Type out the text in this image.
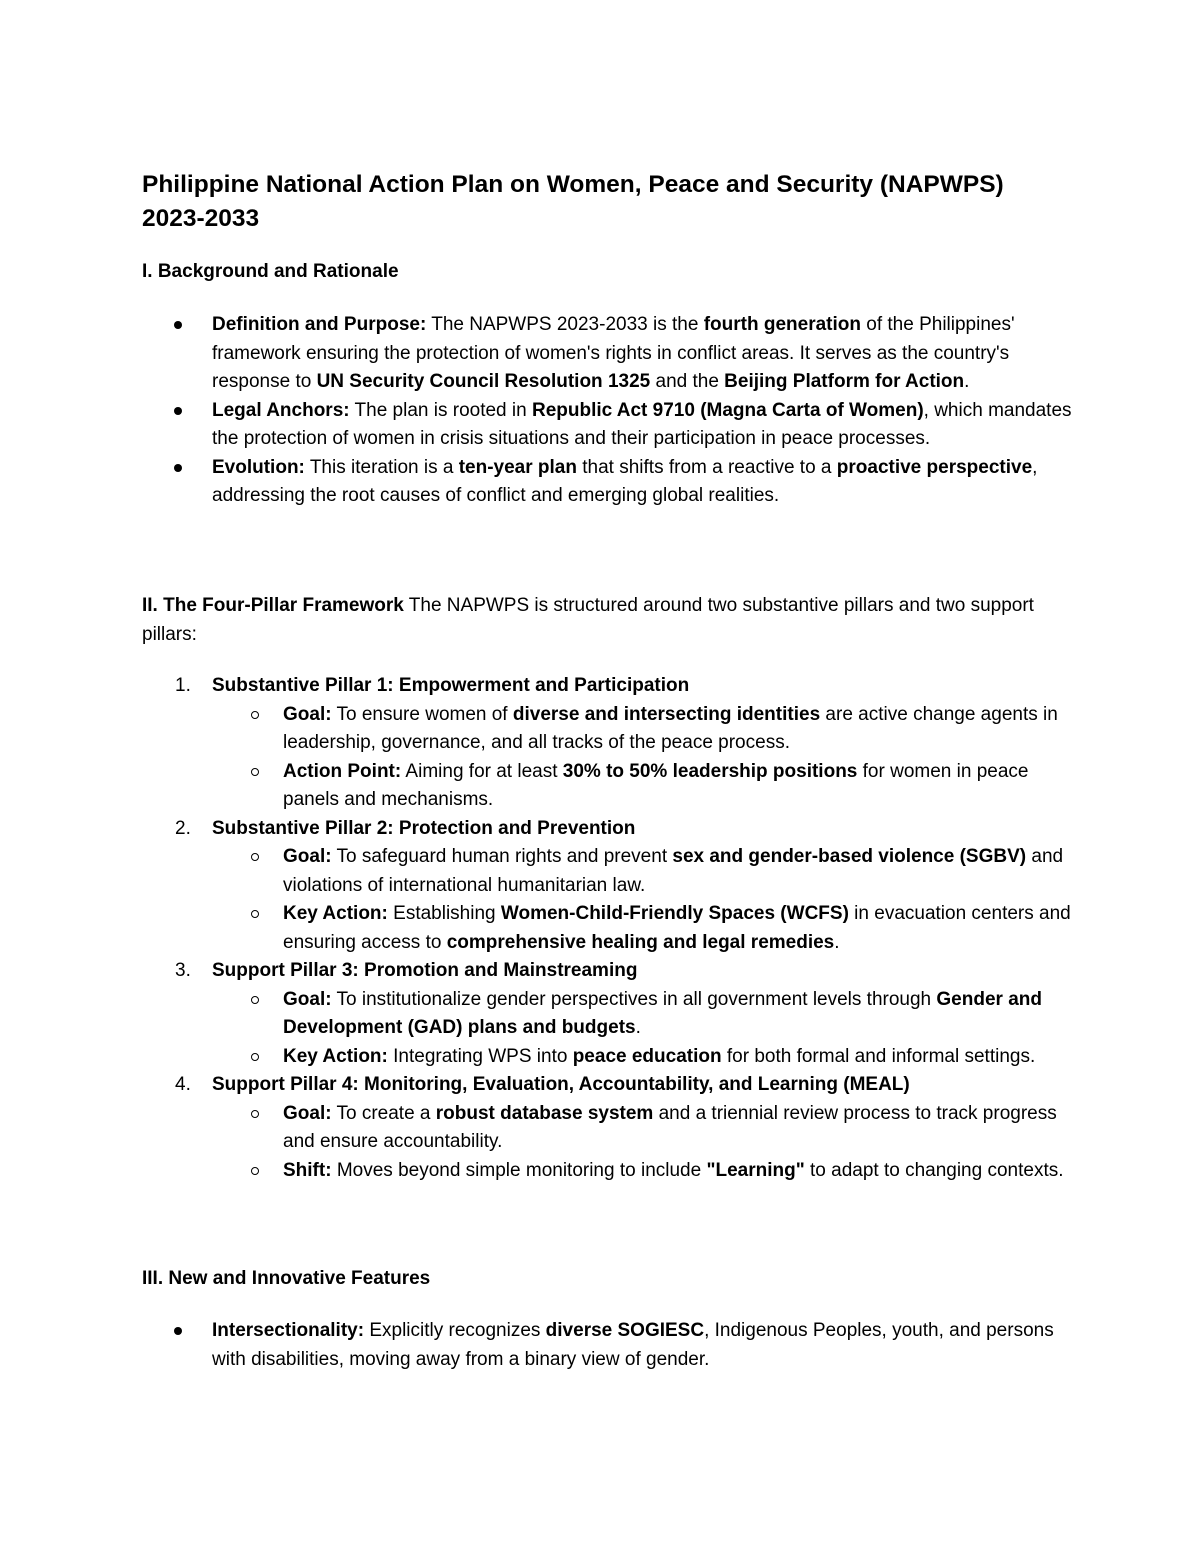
Philippine National Action Plan on Women, Peace and Security (NAPWPS) 2023-2033
I. Background and Rationale
Definition and Purpose: The NAPWPS 2023-2033 is the fourth generation of the Philippines' framework ensuring the protection of women's rights in conflict areas. It serves as the country's response to UN Security Council Resolution 1325 and the Beijing Platform for Action.
Legal Anchors: The plan is rooted in Republic Act 9710 (Magna Carta of Women), which mandates the protection of women in crisis situations and their participation in peace processes.
Evolution: This iteration is a ten-year plan that shifts from a reactive to a proactive perspective, addressing the root causes of conflict and emerging global realities.

II. The Four-Pillar Framework The NAPWPS is structured around two substantive pillars and two support pillars:

1. Substantive Pillar 1: Empowerment and Participation
Goal: To ensure women of diverse and intersecting identities are active change agents in leadership, governance, and all tracks of the peace process.
Action Point: Aiming for at least 30% to 50% leadership positions for women in peace panels and mechanisms.
2. Substantive Pillar 2: Protection and Prevention
Goal: To safeguard human rights and prevent sex and gender-based violence (SGBV) and violations of international humanitarian law.
Key Action: Establishing Women-Child-Friendly Spaces (WCFS) in evacuation centers and ensuring access to comprehensive healing and legal remedies.
3. Support Pillar 3: Promotion and Mainstreaming
Goal: To institutionalize gender perspectives in all government levels through Gender and Development (GAD) plans and budgets.
Key Action: Integrating WPS into peace education for both formal and informal settings.
4. Support Pillar 4: Monitoring, Evaluation, Accountability, and Learning (MEAL)
Goal: To create a robust database system and a triennial review process to track progress and ensure accountability.
Shift: Moves beyond simple monitoring to include "Learning" to adapt to changing contexts.
III. New and Innovative Features
Intersectionality: Explicitly recognizes diverse SOGIESC, Indigenous Peoples, youth, and persons with disabilities, moving away from a binary view of gender.
